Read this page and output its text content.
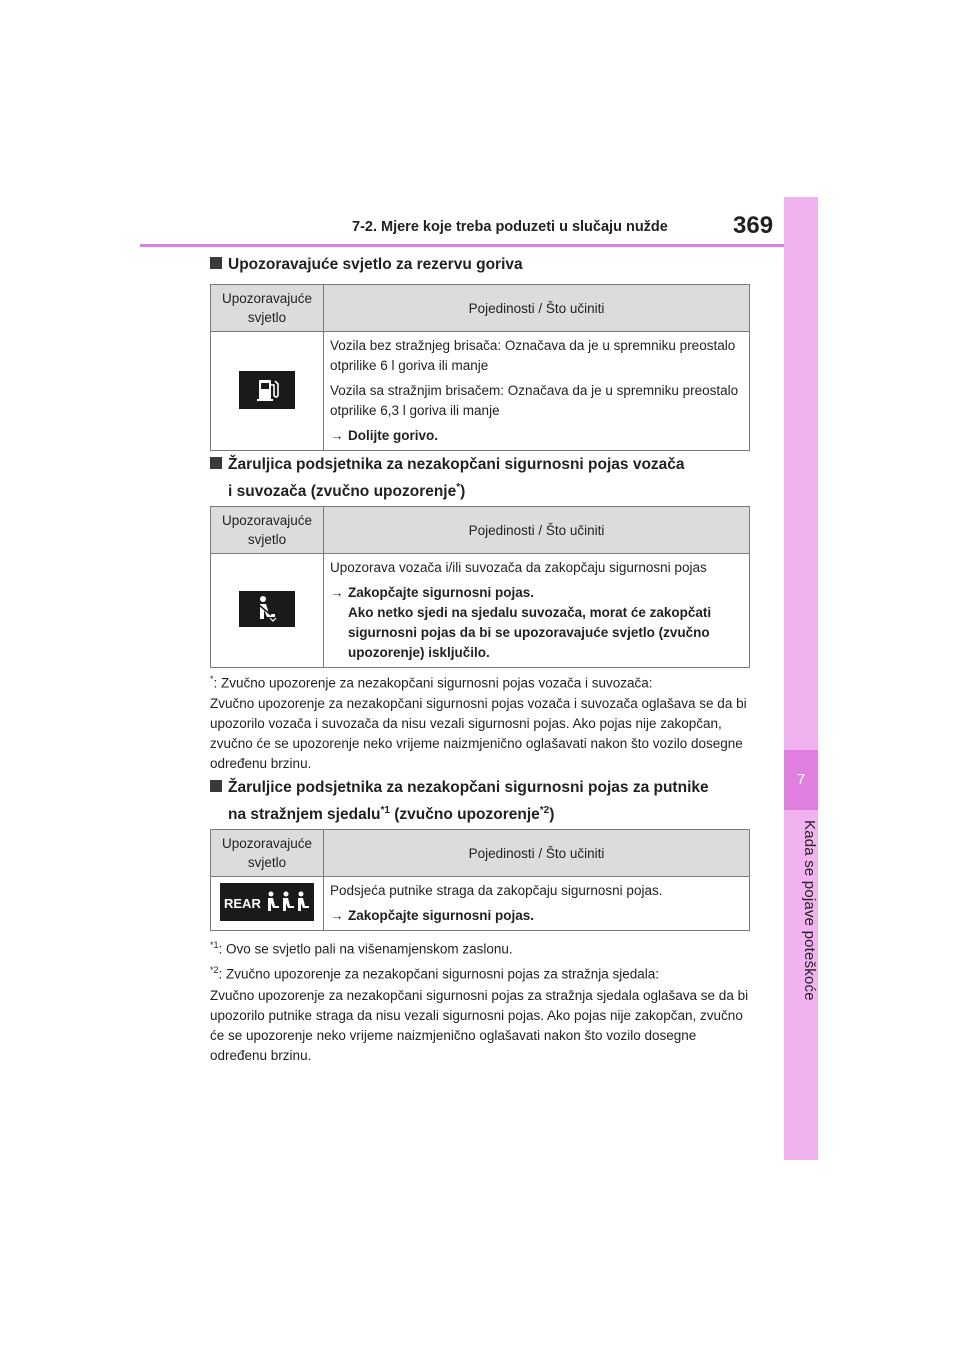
7
Kada se pojave poteškoće
7-2. Mjere koje treba poduzeti u slučaju nužde	369
Upozoravajuće svjetlo za rezervu goriva
Upozoravajuće svjetlo	Pojedinosti / Što učiniti

Vozila bez stražnjeg brisača: Označava da je u spremniku preostalo otprilike 6 l goriva ili manje

Vozila sa stražnjim brisačem: Označava da je u spremniku preostalo otprilike 6,3 l goriva ili manje

→ Dolijte gorivo.

Žaruljica podsjetnika za nezakopčani sigurnosni pojas vozača
i suvozača (zvučno upozorenje*)
Upozoravajuće svjetlo	Pojedinosti / Što učiniti

Upozorava vozača i/ili suvozača da zakopčaju sigurnosni pojas

→ Zakopčajte sigurnosni pojas.

Ako netko sjedi na sjedalu suvozača, morat će zakopčati sigurnosni pojas da bi se upozoravajuće svjetlo (zvučno upozorenje) isključilo.

*: Zvučno upozorenje za nezakopčani sigurnosni pojas vozača i suvozača:
Zvučno upozorenje za nezakopčani sigurnosni pojas vozača i suvozača oglašava se da bi upozorilo vozača i suvozača da nisu vezali sigurnosni pojas. Ako pojas nije zakopčan, zvučno će se upozorenje neko vrijeme naizmjenično oglašavati nakon što vozilo dosegne određenu brzinu.
Žaruljice podsjetnika za nezakopčani sigurnosni pojas za putnike
na stražnjem sjedalu$^{*1}$ (zvučno upozorenje$^{*2}$)
Upozoravajuće svjetlo	Pojedinosti / Što učiniti

REAR	Podsjeća putnike straga da zakopčaju sigurnosni pojas.

→ Zakopčajte sigurnosni pojas.

$^{*1}$: Ovo se svjetlo pali na višenamjenskom zaslonu.
$^{*2}$: Zvučno upozorenje za nezakopčani sigurnosni pojas za stražnja sjedala:
Zvučno upozorenje za nezakopčani sigurnosni pojas za stražnja sjedala oglašava se da bi upozorilo putnike straga da nisu vezali sigurnosni pojas. Ako pojas nije zakopčan, zvučno će se upozorenje neko vrijeme naizmjenično oglašavati nakon što vozilo dosegne određenu brzinu.
